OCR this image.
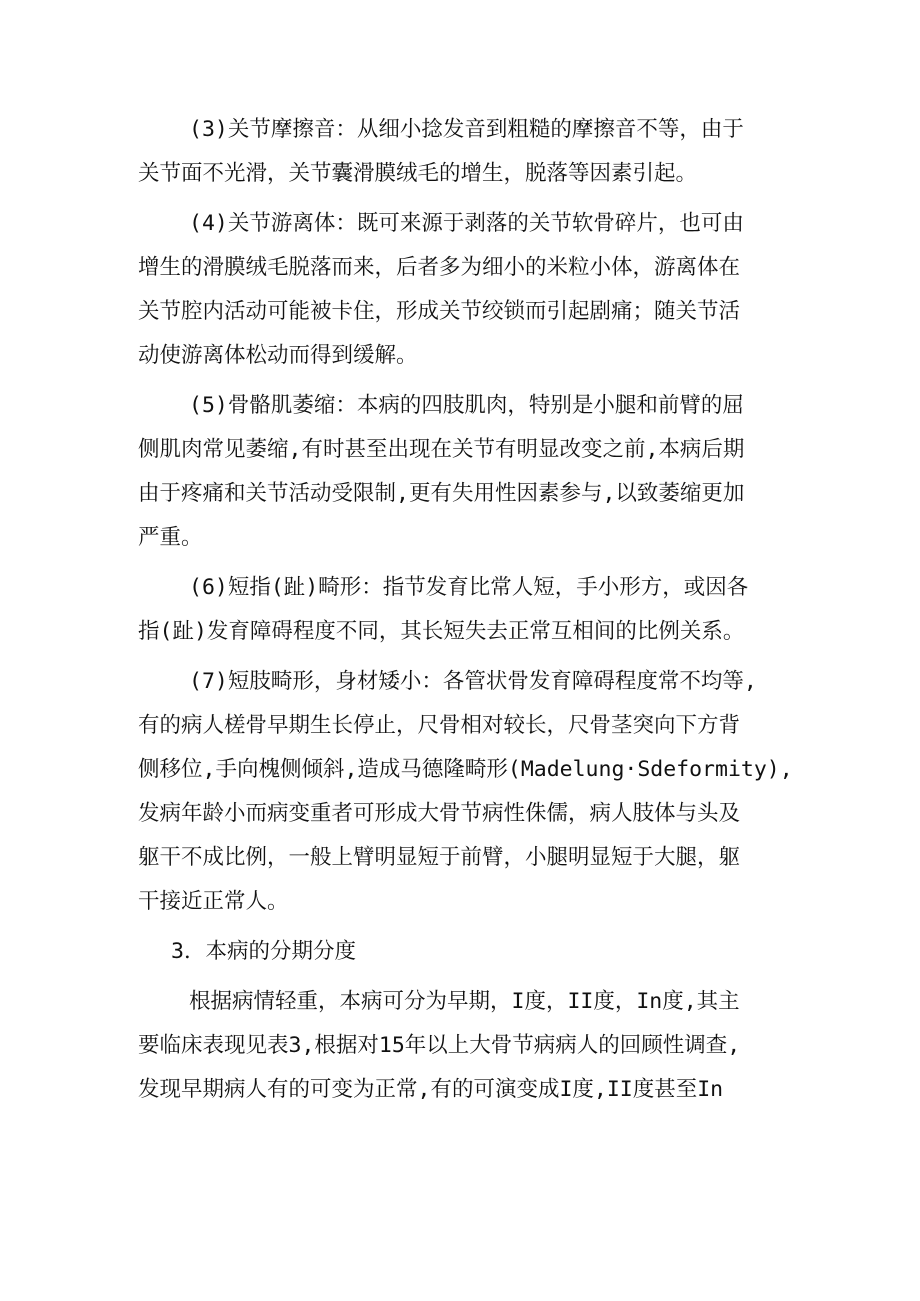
(3)关节摩擦音：从细小捻发音到粗糙的摩擦音不等，由于
关节面不光滑，关节囊滑膜绒毛的增生，脱落等因素引起。
(4)关节游离体：既可来源于剥落的关节软骨碎片，也可由
增生的滑膜绒毛脱落而来，后者多为细小的米粒小体，游离体在
关节腔内活动可能被卡住，形成关节绞锁而引起剧痛；随关节活
动使游离体松动而得到缓解。
(5)骨骼肌萎缩：本病的四肢肌肉，特别是小腿和前臂的屈
侧肌肉常见萎缩,有时甚至出现在关节有明显改变之前,本病后期
由于疼痛和关节活动受限制,更有失用性因素参与,以致萎缩更加
严重。
(6)短指(趾)畸形：指节发育比常人短，手小形方，或因各
指(趾)发育障碍程度不同，其长短失去正常互相间的比例关系。
(7)短肢畸形，身材矮小：各管状骨发育障碍程度常不均等,
有的病人槎骨早期生长停止，尺骨相对较长，尺骨茎突向下方背
侧移位,手向槐侧倾斜,造成马德隆畸形(Madelung·Sdeformity),
发病年龄小而病变重者可形成大骨节病性侏儒，病人肢体与头及
躯干不成比例，一般上臂明显短于前臂，小腿明显短于大腿，躯
干接近正常人。
3．本病的分期分度
根据病情轻重，本病可分为早期，I度，II度，In度,其主
要临床表现见表3,根据对15年以上大骨节病病人的回顾性调查,
发现早期病人有的可变为正常,有的可演变成I度,II度甚至In
